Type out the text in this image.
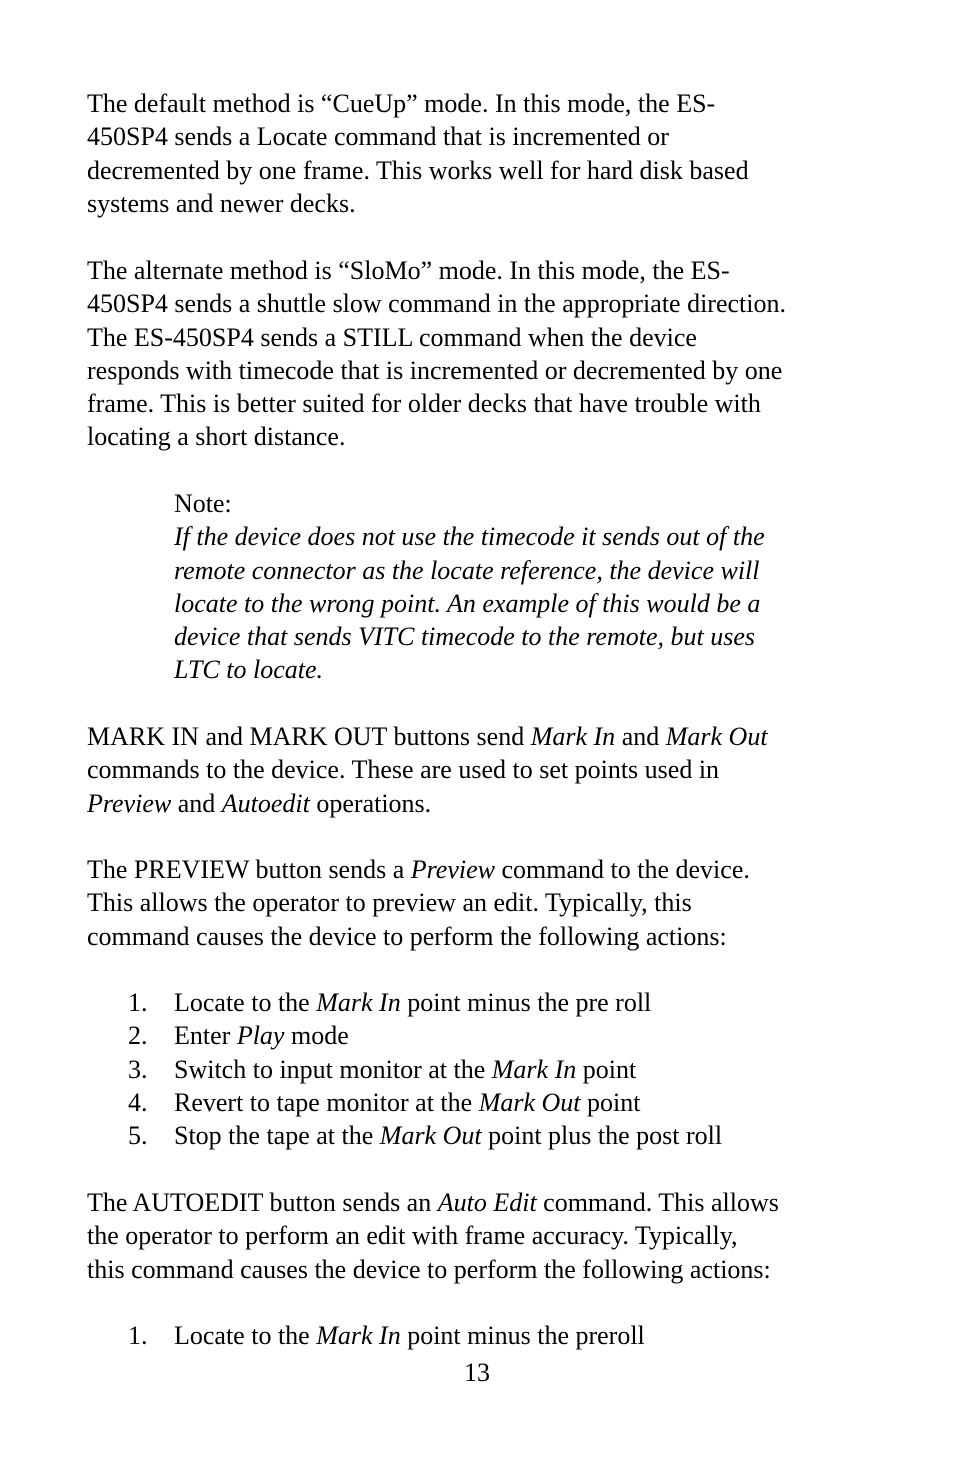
The default method is “CueUp” mode. In this mode, the ES-
450SP4 sends a Locate command that is incremented or
decremented by one frame. This works well for hard disk based
systems and newer decks.

The alternate method is “SloMo” mode. In this mode, the ES-
450SP4 sends a shuttle slow command in the appropriate direction.
The ES-450SP4 sends a STILL command when the device
responds with timecode that is incremented or decremented by one
frame. This is better suited for older decks that have trouble with
locating a short distance.

Note:
If the device does not use the timecode it sends out of the
remote connector as the locate reference, the device will
locate to the wrong point. An example of this would be a
device that sends VITC timecode to the remote, but uses
LTC to locate.

MARK IN and MARK OUT buttons send Mark In and Mark Out
commands to the device. These are used to set points used in
Preview and Autoedit operations.

The PREVIEW button sends a Preview command to the device.
This allows the operator to preview an edit. Typically, this
command causes the device to perform the following actions:

1.	Locate to the Mark In point minus the pre roll
2.	Enter Play mode
3.	Switch to input monitor at the Mark In point
4.	Revert to tape monitor at the Mark Out point
5.	Stop the tape at the Mark Out point plus the post roll

The AUTOEDIT button sends an Auto Edit command. This allows
the operator to perform an edit with frame accuracy. Typically,
this command causes the device to perform the following actions:

1.	Locate to the Mark In point minus the preroll
13
